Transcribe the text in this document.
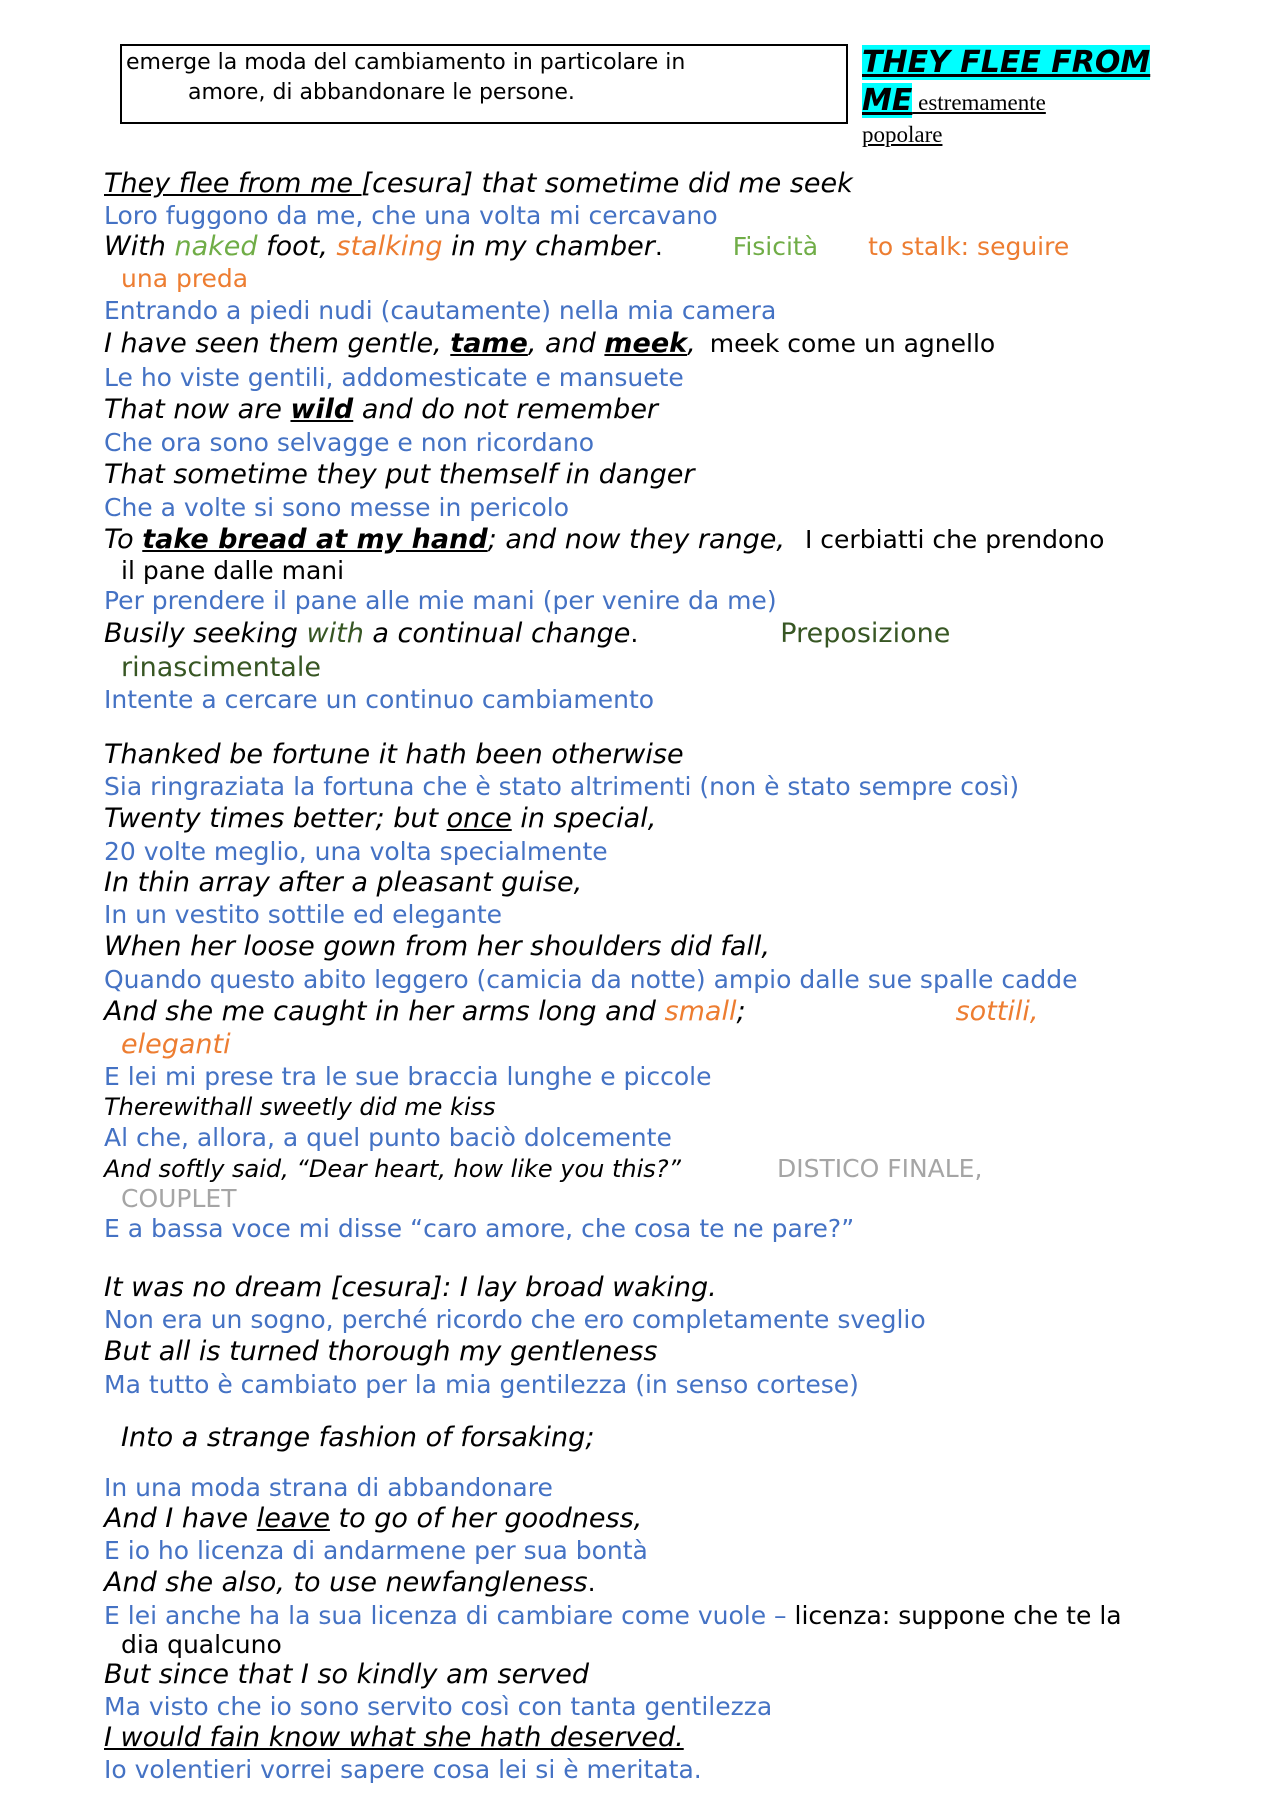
emerge la moda del cambiamento in particolare in
amore, di abbandonare le persone.
THEY FLEE FROM
ME estremamente
popolare
They flee from me [cesura] that sometime did me seek
Loro fuggono da me, che una volta mi cercavano
With naked foot, stalking in my chamber.	Fisicità to stalk: seguire
una preda
Entrando a piedi nudi (cautamente) nella mia camera
I have seen them gentle, tame, and meek, meek come un agnello
Le ho viste gentili, addomesticate e mansuete
That now are wild and do not remember
Che ora sono selvagge e non ricordano
That sometime they put themself in danger
Che a volte si sono messe in pericolo
To take bread at my hand; and now they range, I cerbiatti che prendono
il pane dalle mani
Per prendere il pane alle mie mani (per venire da me)
Busily seeking with a continual change.	Preposizione
rinascimentale
Intente a cercare un continuo cambiamento
Thanked be fortune it hath been otherwise
Sia ringraziata la fortuna che è stato altrimenti (non è stato sempre così)
Twenty times better; but once in special,
20 volte meglio, una volta specialmente
In thin array after a pleasant guise,
In un vestito sottile ed elegante
When her loose gown from her shoulders did fall,
Quando questo abito leggero (camicia da notte) ampio dalle sue spalle cadde
And she me caught in her arms long and small;	sottili,
eleganti
E lei mi prese tra le sue braccia lunghe e piccole
Therewithall sweetly did me kiss
Al che, allora, a quel punto baciò dolcemente
And softly said, “Dear heart, how like you this?”	DISTICO FINALE,
COUPLET
E a bassa voce mi disse “caro amore, che cosa te ne pare?”
It was no dream [cesura]: I lay broad waking.
Non era un sogno, perché ricordo che ero completamente sveglio
But all is turned thorough my gentleness
Ma tutto è cambiato per la mia gentilezza (in senso cortese)
Into a strange fashion of forsaking;
In una moda strana di abbandonare
And I have leave to go of her goodness,
E io ho licenza di andarmene per sua bontà
And she also, to use newfangleness.
E lei anche ha la sua licenza di cambiare come vuole – licenza: suppone che te la
dia qualcuno
But since that I so kindly am served
Ma visto che io sono servito così con tanta gentilezza
I would fain know what she hath deserved.
Io volentieri vorrei sapere cosa lei si è meritata.
